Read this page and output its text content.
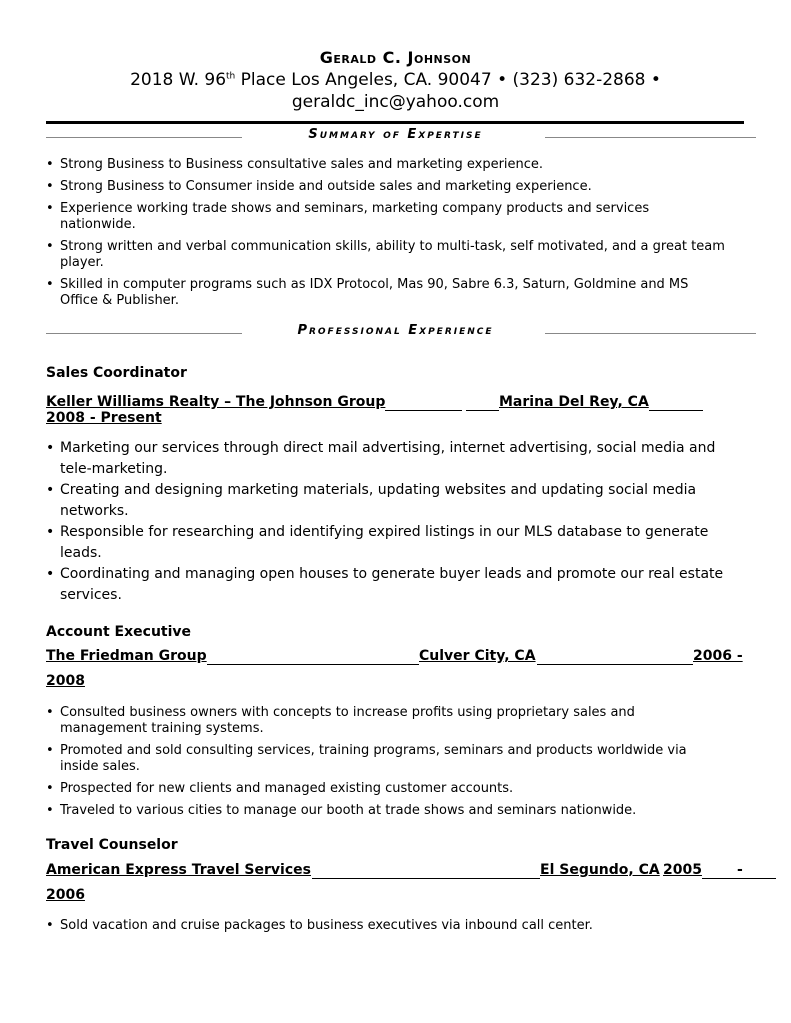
Gerald C. Johnson
2018 W. 96th Place Los Angeles, CA. 90047 • (323) 632-2868 •
geraldc_inc@yahoo.com
Summary of Expertise
• Strong Business to Business consultative sales and marketing experience.
• Strong Business to Consumer inside and outside sales and marketing experience.
• Experience working trade shows and seminars, marketing company products and services nationwide.
• Strong written and verbal communication skills, ability to multi-task, self motivated, and a great team player.
• Skilled in computer programs such as IDX Protocol, Mas 90, Sabre 6.3, Saturn, Goldmine and MS Office & Publisher.
Professional Experience
Sales Coordinator
Keller Williams Realty – The Johnson Group	Marina Del Rey, CA
2008 - Present
• Marketing our services through direct mail advertising, internet advertising, social media and tele-marketing.
• Creating and designing marketing materials, updating websites and updating social media networks.
• Responsible for researching and identifying expired listings in our MLS database to generate leads.
• Coordinating and managing open houses to generate buyer leads and promote our real estate services.
Account Executive
The Friedman Group	Culver City, CA	2006 -
2008
• Consulted business owners with concepts to increase profits using proprietary sales and management training systems.
• Promoted and sold consulting services, training programs, seminars and products worldwide via inside sales.
• Prospected for new clients and managed existing customer accounts.
• Traveled to various cities to manage our booth at trade shows and seminars nationwide.
Travel Counselor
American Express Travel Services	El Segundo, CA 2005	-
2006
• Sold vacation and cruise packages to business executives via inbound call center.
